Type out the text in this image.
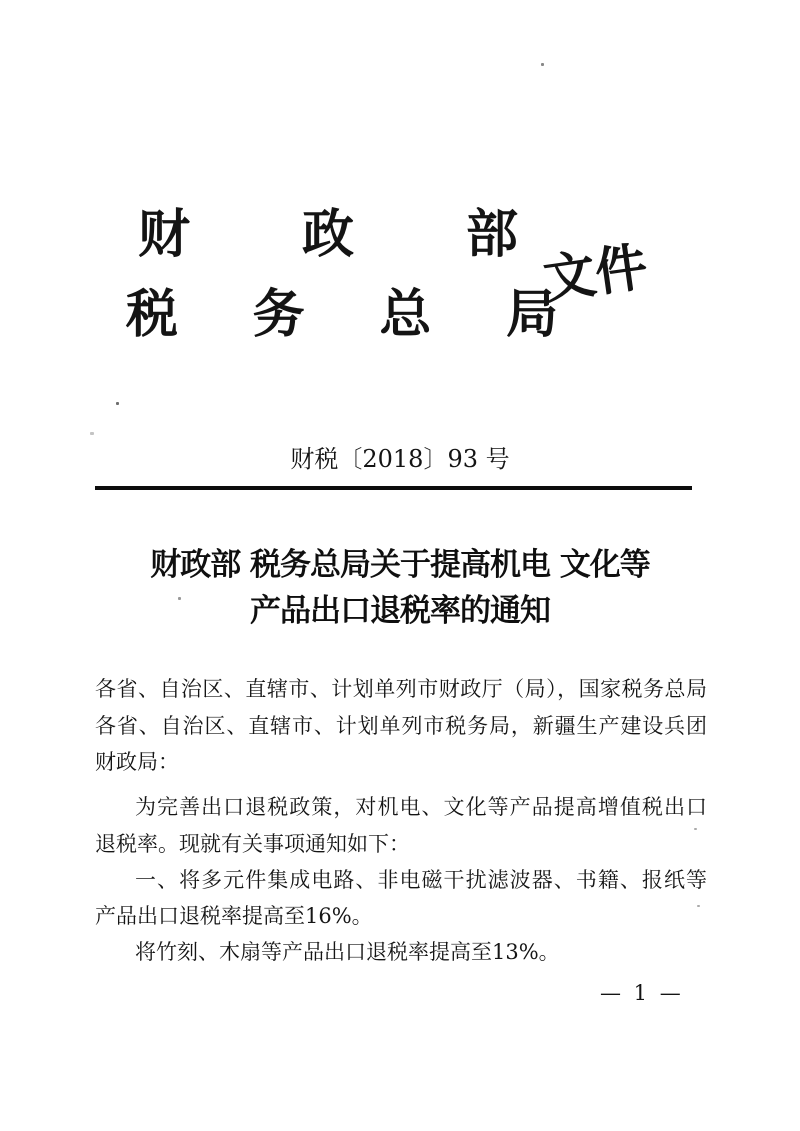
财政部
税务总局
文件
财税〔2018〕93 号
财政部 税务总局关于提高机电 文化等
产品出口退税率的通知
各省、自治区、直辖市、计划单列市财政厅（局），国家税务总局
各省、自治区、直辖市、计划单列市税务局，新疆生产建设兵团
财政局：
为完善出口退税政策，对机电、文化等产品提高增值税出口
退税率。现就有关事项通知如下：
一、将多元件集成电路、非电磁干扰滤波器、书籍、报纸等
产品出口退税率提高至16%。
将竹刻、木扇等产品出口退税率提高至13%。
— 1 —
